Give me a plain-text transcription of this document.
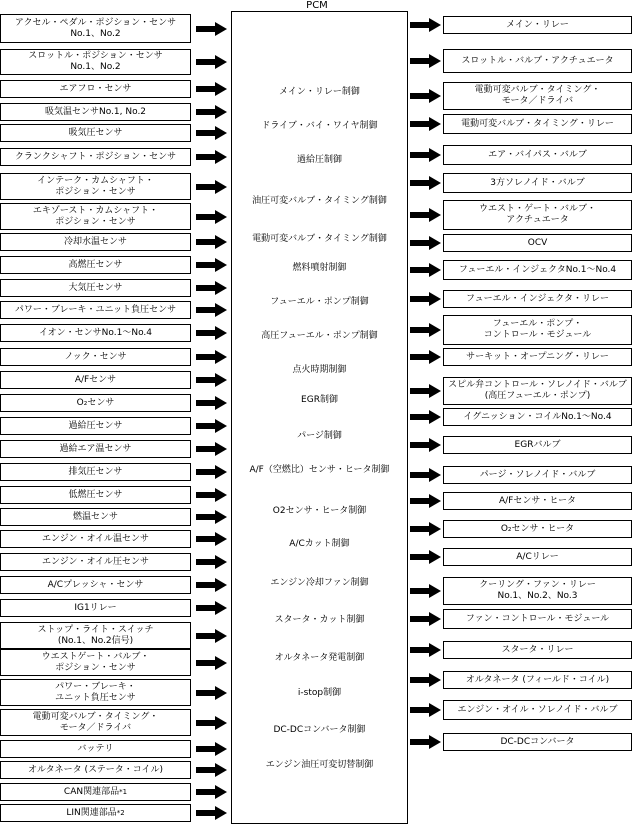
PCM
アクセル・ペダル・ポジション・センサ
No.1、No.2
スロットル・ポジション・センサ
No.1、No.2
エアフロ・センサ
吸気温センサNo.1, No.2
吸気圧センサ
クランクシャフト・ポジション・センサ
インテーク・カムシャフト・
ポジション・センサ
エキゾースト・カムシャフト・
ポジション・センサ
冷却水温センサ
高燃圧センサ
大気圧センサ
パワー・ブレーキ・ユニット負圧センサ
イオン・センサNo.1〜No.4
ノック・センサ
A/Fセンサ
O₂センサ
過給圧センサ
過給エア温センサ
排気圧センサ
低燃圧センサ
燃温センサ
エンジン・オイル温センサ
エンジン・オイル圧センサ
A/Cプレッシャ・センサ
IG1リレー
ストップ・ライト・スイッチ
(No.1、No.2信号)
ウエストゲート・バルブ・
ポジション・センサ
パワー・ブレーキ・
ユニット負圧センサ
電動可変バルブ・タイミング・
モータ／ドライバ
バッテリ
オルタネータ (ステータ・コイル)
CAN関連部品 *1
LIN関連部品 *2
メイン・リレー制御
ドライブ・バイ・ワイヤ制御
過給圧制御
油圧可変バルブ・タイミング制御
電動可変バルブ・タイミング制御
燃料噴射制御
フューエル・ポンプ制御
高圧フューエル・ポンプ制御
点火時期制御
EGR制御
パージ制御
A/F（空燃比）センサ・ヒータ制御
O2センサ・ヒータ制御
A/Cカット制御
エンジン冷却ファン制御
スタータ・カット制御
オルタネータ発電制御
i-stop制御
DC-DCコンバータ制御
エンジン油圧可変切替制御
メイン・リレー
スロットル・バルブ・アクチュエータ
電動可変バルブ・タイミング・
モータ／ドライバ
電動可変バルブ・タイミング・リレー
エア・バイパス・バルブ
3方ソレノイド・バルブ
ウエスト・ゲート・バルブ・
アクチュエータ
OCV
フューエル・インジェクタNo.1〜No.4
フューエル・インジェクタ・リレー
フューエル・ポンプ・
コントロール・モジュール
サーキット・オープニング・リレー
スピル弁コントロール・ソレノイド・バルブ
(高圧フューエル・ポンプ)
イグニッション・コイルNo.1〜No.4
EGRバルブ
パージ・ソレノイド・バルブ
A/Fセンサ・ヒータ
O₂センサ・ヒータ
A/Cリレー
クーリング・ファン・リレー
No.1、No.2、No.3
ファン・コントロール・モジュール
スタータ・リレー
オルタネータ (フィールド・コイル)
エンジン・オイル・ソレノイド・バルブ
DC-DCコンバータ
